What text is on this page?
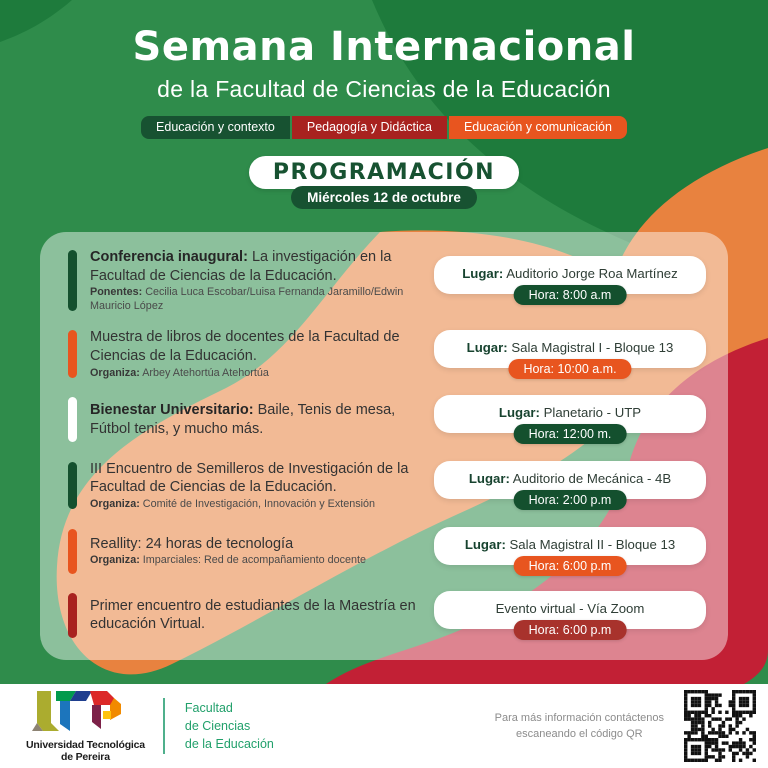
Semana Internacional
de la Facultad de Ciencias de la Educación
Educación y contexto	Pedagogía y Didáctica	Educación y comunicación
PROGRAMACIÓN
Miércoles 12 de octubre
Conferencia inaugural: La investigación en la Facultad de Ciencias de la Educación.
Ponentes: Cecilia Luca Escobar/Luisa Fernanda Jaramillo/Edwin Mauricio López
Lugar: Auditorio Jorge Roa Martínez
Hora: 8:00 a.m
Muestra de libros de docentes de la Facultad de Ciencias de la Educación.
Organiza: Arbey Atehortúa Atehortúa
Lugar: Sala Magistral I - Bloque 13
Hora: 10:00 a.m.
Bienestar Universitario: Baile, Tenis de mesa, Fútbol tenis, y mucho más.
Lugar: Planetario - UTP
Hora: 12:00 m.
III Encuentro de Semilleros de Investigación de la Facultad de Ciencias de la Educación.
Organiza: Comité de Investigación, Innovación y Extensión
Lugar: Auditorio de Mecánica - 4B
Hora: 2:00 p.m
Reallity: 24 horas de tecnología
Organiza: Imparciales: Red de acompañamiento docente
Lugar: Sala Magistral II - Bloque 13
Hora: 6:00 p.m
Primer encuentro de estudiantes de la Maestría en educación Virtual.
Evento virtual - Vía Zoom
Hora: 6:00 p.m
Universidad Tecnológica
de Pereira
Facultad
de Ciencias
de la Educación
Para más información contáctenos
escaneando el código QR
